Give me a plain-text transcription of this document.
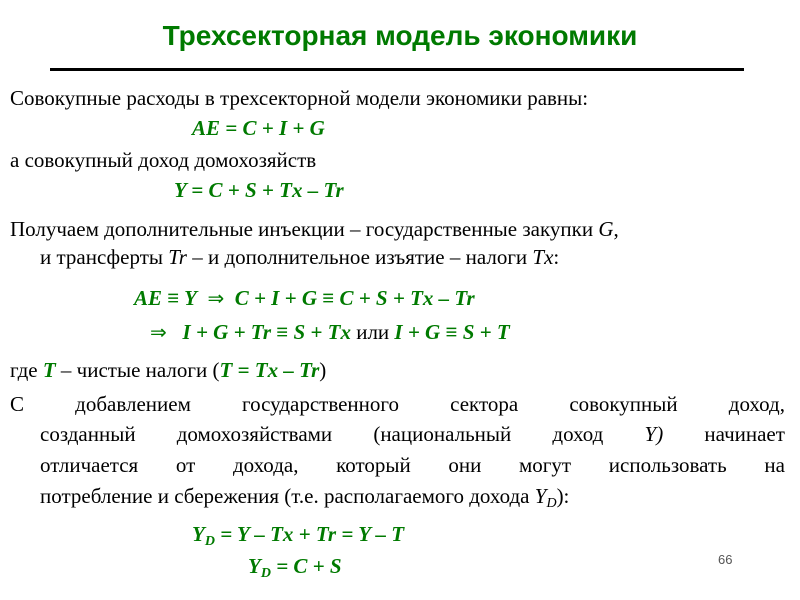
Трехсекторная модель экономики
Совокупные расходы в трехсекторной модели экономики равны:
AE = C + I + G
а совокупный доход домохозяйств
Y = C + S + Tx – Tr
Получаем дополнительные инъекции – государственные закупки G,
и трансферты Tr – и дополнительное изъятие – налоги Tx:
AE ≡ Y ⇒ C + I + G ≡ C + S + Tx – Tr
⇒ I + G + Tr ≡ S + Tx или I + G ≡ S + T
где T – чистые налоги (T = Tx – Tr)
С добавлением государственного сектора совокупный доход,
созданный домохозяйствами (национальный доход Y) начинает
отличается от дохода, который они могут использовать на
потребление и сбережения (т.е. располагаемого дохода $Y_D$):
$Y_D = Y - Tx + Tr = Y - T$
$Y_D = C + S$	66
